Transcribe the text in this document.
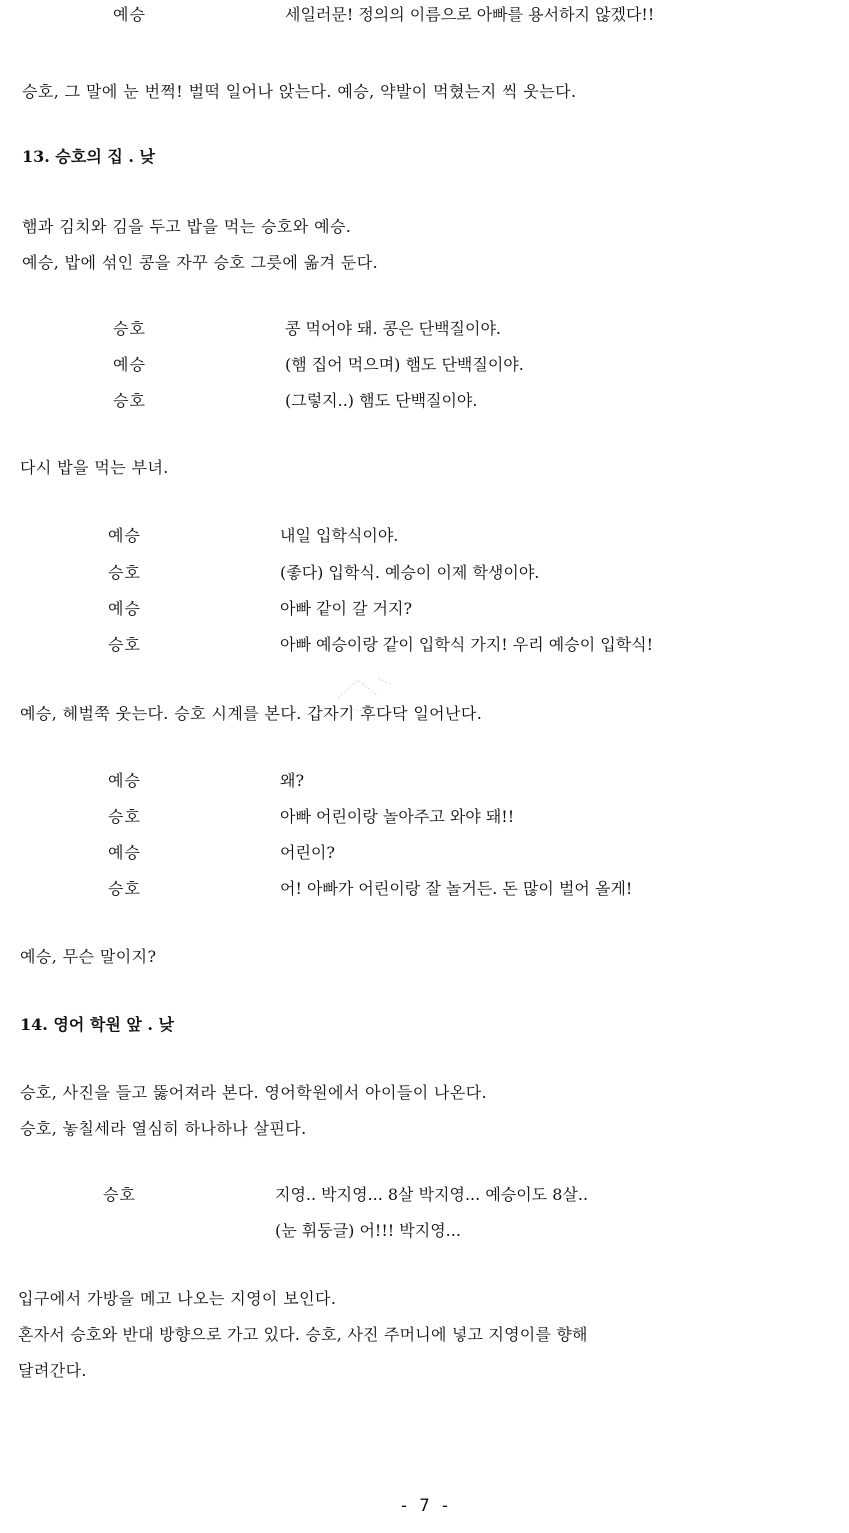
예승	세일러문! 정의의 이름으로 아빠를 용서하지 않겠다!!
승호, 그 말에 눈 번쩍! 벌떡 일어나 앉는다. 예승, 약발이 먹혔는지 씩 웃는다.
13. 승호의 집 . 낮
햄과 김치와 김을 두고 밥을 먹는 승호와 예승.
예승, 밥에 섞인 콩을 자꾸 승호 그릇에 옮겨 둔다.
승호	콩 먹어야 돼. 콩은 단백질이야.
예승	(햄 집어 먹으며) 햄도 단백질이야.
승호	(그렇지..) 햄도 단백질이야.
다시 밥을 먹는 부녀.
예승	내일 입학식이야.
승호	(좋다) 입학식. 예승이 이제 학생이야.
예승	아빠 같이 갈 거지?
승호	아빠 예승이랑 같이 입학식 가지! 우리 예승이 입학식!
예승, 헤벌쭉 웃는다. 승호 시계를 본다. 갑자기 후다닥 일어난다.
예승	왜?
승호	아빠 어린이랑 놀아주고 와야 돼!!
예승	어린이?
승호	어! 아빠가 어린이랑 잘 놀거든. 돈 많이 벌어 올게!
예승, 무슨 말이지?
14. 영어 학원 앞 . 낮
승호, 사진을 들고 뚫어져라 본다. 영어학원에서 아이들이 나온다.
승호, 놓칠세라 열심히 하나하나 살핀다.
승호	지영.. 박지영... 8살 박지영... 예승이도 8살..
(눈 휘둥글) 어!!! 박지영...
입구에서 가방을 메고 나오는 지영이 보인다.
혼자서 승호와 반대 방향으로 가고 있다. 승호, 사진 주머니에 넣고 지영이를 향해
달려간다.
- 7 -
